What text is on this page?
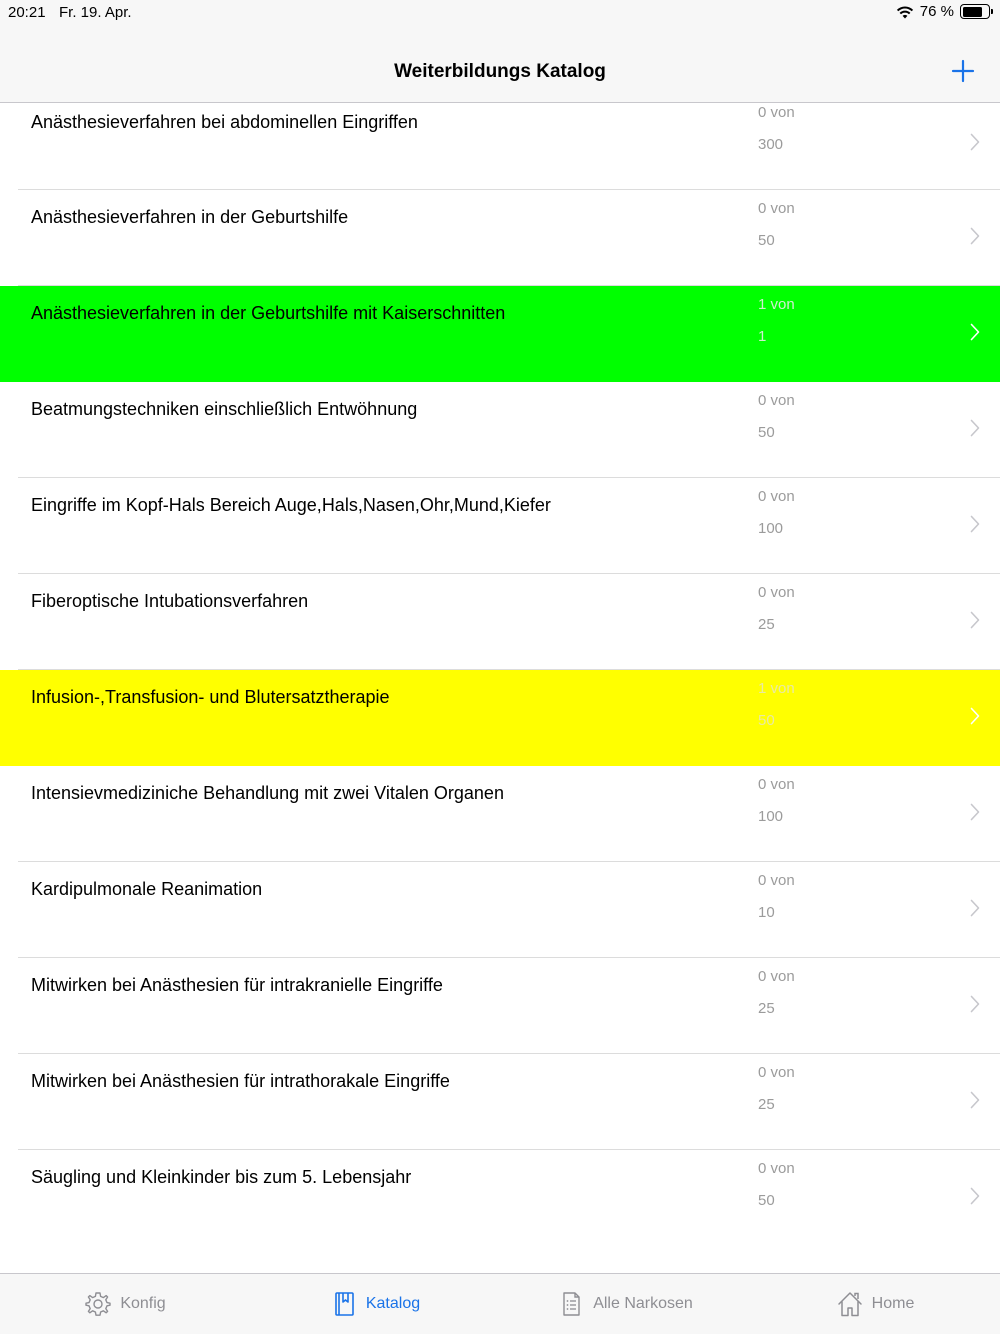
20:21 Fr. 19. Apr.	76 %
Weiterbildungs Katalog
Anästhesieverfahren bei abdominellen Eingriffen	0 von
300
Anästhesieverfahren in der Geburtshilfe	0 von
50
Anästhesieverfahren in der Geburtshilfe mit Kaiserschnitten	1 von
1
Beatmungstechniken einschließlich Entwöhnung	0 von
50
Eingriffe im Kopf-Hals Bereich Auge,Hals,Nasen,Ohr,Mund,Kiefer	0 von
100
Fiberoptische Intubationsverfahren	0 von
25
Infusion-,Transfusion- und Blutersatztherapie	1 von
50
Intensievmediziniche Behandlung mit zwei Vitalen Organen	0 von
100
Kardipulmonale Reanimation	0 von
10
Mitwirken bei Anästhesien für intrakranielle Eingriffe	0 von
25
Mitwirken bei Anästhesien für intrathorakale Eingriffe	0 von
25
Säugling und Kleinkinder bis zum 5. Lebensjahr	0 von
50
Konfig	Katalog	Alle Narkosen	Home
